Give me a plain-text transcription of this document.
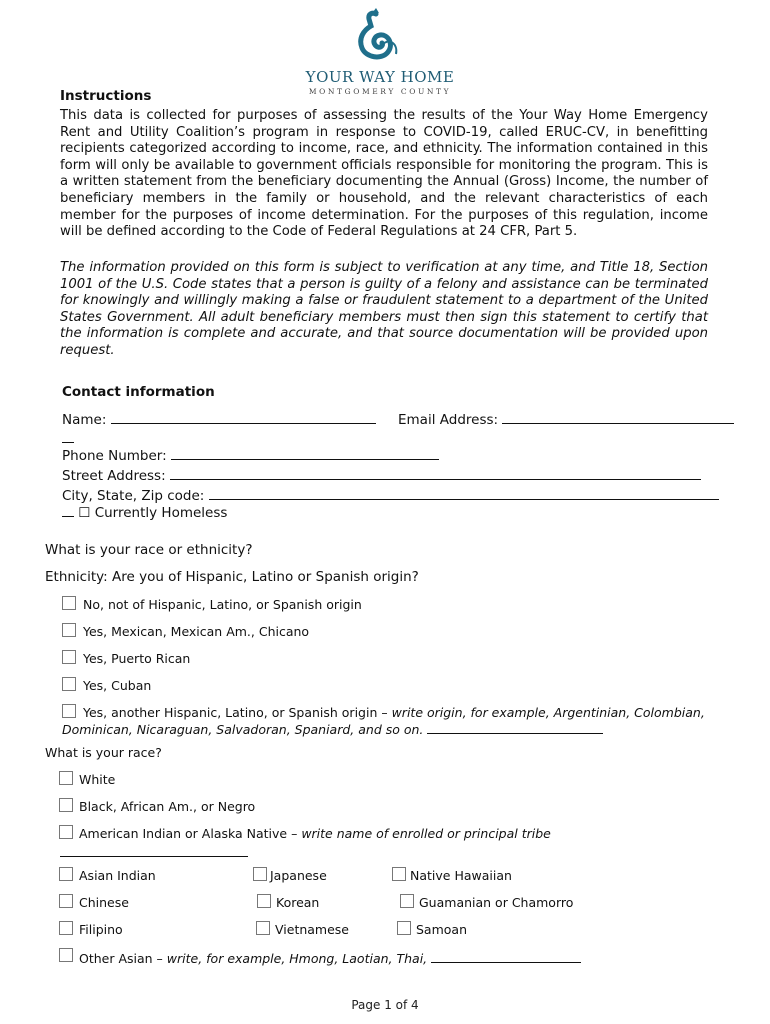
YOUR WAY HOME
MONTGOMERY COUNTY
Instructions
This data is collected for purposes of assessing the results of the Your Way Home Emergency Rent and Utility Coalition’s program in response to COVID-19, called ERUC-CV, in benefitting recipients categorized according to income, race, and ethnicity. The information contained in this form will only be available to government officials responsible for monitoring the program. This is a written statement from the beneficiary documenting the Annual (Gross) Income, the number of beneficiary members in the family or household, and the relevant characteristics of each member for the purposes of income determination. For the purposes of this regulation, income will be defined according to the Code of Federal Regulations at 24 CFR, Part 5.
The information provided on this form is subject to verification at any time, and Title 18, Section 1001 of the U.S. Code states that a person is guilty of a felony and assistance can be terminated for knowingly and willingly making a false or fraudulent statement to a department of the United States Government. All adult beneficiary members must then sign this statement to certify that the information is complete and accurate, and that source documentation will be provided upon request.
Contact information
Name:	Email Address:
Phone Number:
Street Address:
City, State, Zip code:
☐ Currently Homeless
What is your race or ethnicity?
Ethnicity: Are you of Hispanic, Latino or Spanish origin?
No, not of Hispanic, Latino, or Spanish origin
Yes, Mexican, Mexican Am., Chicano
Yes, Puerto Rican
Yes, Cuban
Yes, another Hispanic, Latino, or Spanish origin – write origin, for example, Argentinian, Colombian,
Dominican, Nicaraguan, Salvadoran, Spaniard, and so on.
What is your race?
White
Black, African Am., or Negro
American Indian or Alaska Native – write name of enrolled or principal tribe
Asian Indian	Japanese	Native Hawaiian
Chinese	Korean	Guamanian or Chamorro
Filipino	Vietnamese	Samoan
Other Asian – write, for example, Hmong, Laotian, Thai,
Page 1 of 4
